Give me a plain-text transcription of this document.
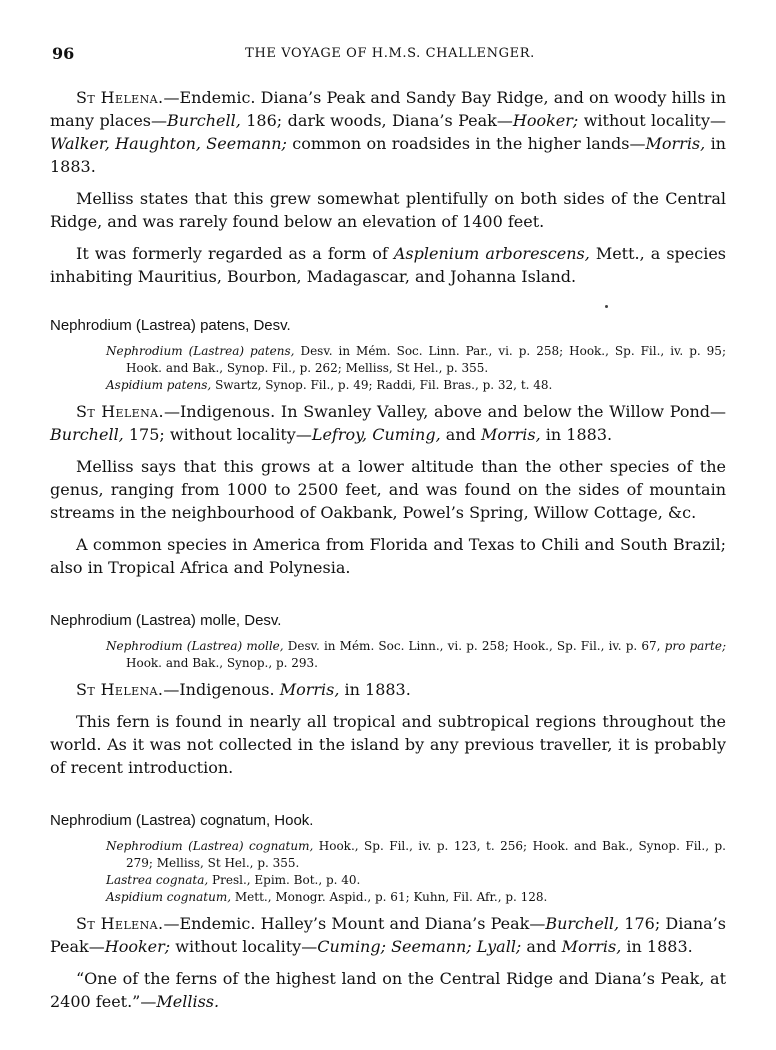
96	THE VOYAGE OF H.M.S. CHALLENGER.

St Helena.—Endemic. Diana’s Peak and Sandy Bay Ridge, and on woody hills in many places—Burchell, 186; dark woods, Diana’s Peak—Hooker; without locality—Walker, Haughton, Seemann; common on roadsides in the higher lands—Morris, in 1883.

Melliss states that this grew somewhat plentifully on both sides of the Central Ridge, and was rarely found below an elevation of 1400 feet.

It was formerly regarded as a form of Asplenium arborescens, Mett., a species inhabiting Mauritius, Bourbon, Madagascar, and Johanna Island.

Nephrodium (Lastrea) patens, Desv.

Nephrodium (Lastrea) patens, Desv. in Mém. Soc. Linn. Par., vi. p. 258; Hook., Sp. Fil., iv. p. 95; Hook. and Bak., Synop. Fil., p. 262; Melliss, St Hel., p. 355.

Aspidium patens, Swartz, Synop. Fil., p. 49; Raddi, Fil. Bras., p. 32, t. 48.

St Helena.—Indigenous. In Swanley Valley, above and below the Willow Pond—Burchell, 175; without locality—Lefroy, Cuming, and Morris, in 1883.

Melliss says that this grows at a lower altitude than the other species of the genus, ranging from 1000 to 2500 feet, and was found on the sides of mountain streams in the neighbourhood of Oakbank, Powel’s Spring, Willow Cottage, &c.

A common species in America from Florida and Texas to Chili and South Brazil; also in Tropical Africa and Polynesia.

Nephrodium (Lastrea) molle, Desv.

Nephrodium (Lastrea) molle, Desv. in Mém. Soc. Linn., vi. p. 258; Hook., Sp. Fil., iv. p. 67, pro parte; Hook. and Bak., Synop., p. 293.

St Helena.—Indigenous. Morris, in 1883.

This fern is found in nearly all tropical and subtropical regions throughout the world. As it was not collected in the island by any previous traveller, it is probably of recent introduction.

Nephrodium (Lastrea) cognatum, Hook.

Nephrodium (Lastrea) cognatum, Hook., Sp. Fil., iv. p. 123, t. 256; Hook. and Bak., Synop. Fil., p. 279; Melliss, St Hel., p. 355.

Lastrea cognata, Presl., Epim. Bot., p. 40.

Aspidium cognatum, Mett., Monogr. Aspid., p. 61; Kuhn, Fil. Afr., p. 128.

St Helena.—Endemic. Halley’s Mount and Diana’s Peak—Burchell, 176; Diana’s Peak—Hooker; without locality—Cuming; Seemann; Lyall; and Morris, in 1883.

“One of the ferns of the highest land on the Central Ridge and Diana’s Peak, at 2400 feet.”—Melliss.
